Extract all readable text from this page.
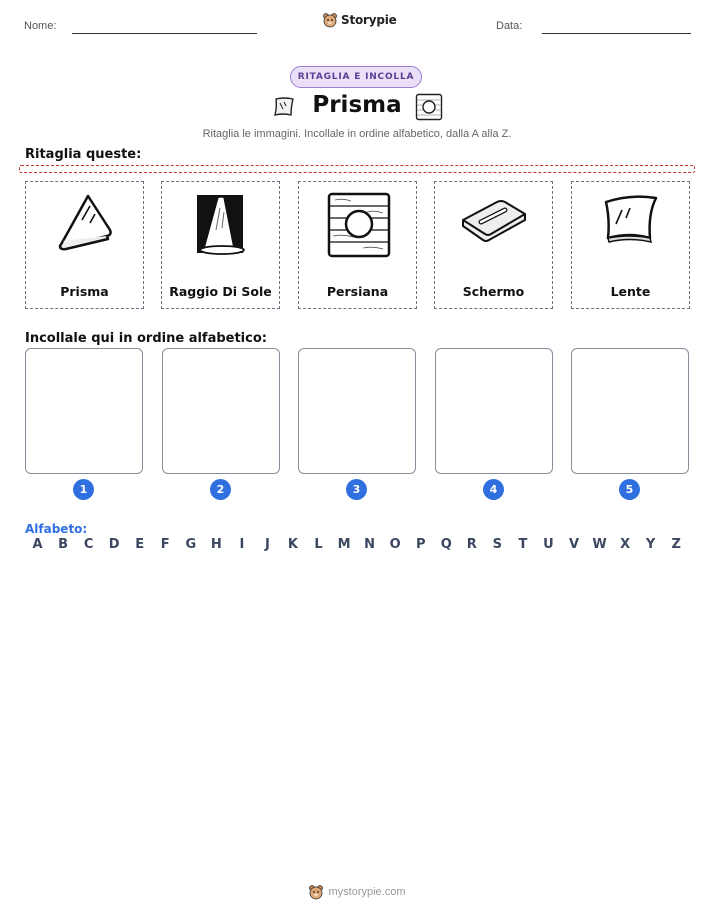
Nome:	Storypie	Data:
RITAGLIA E INCOLLA
Prisma
Ritaglia le immagini. Incollale in ordine alfabetico, dalla A alla Z.
Ritaglia queste:
Prisma	Raggio Di Sole	Persiana	Schermo	Lente
Incollale qui in ordine alfabetico:
1	2	3	4	5
Alfabeto:
A	B	C	D	E	F	G	H	I	J	K	L	M	N	O	P	Q	R	S	T	U	V	W	X	Y	Z
mystorypie.com
